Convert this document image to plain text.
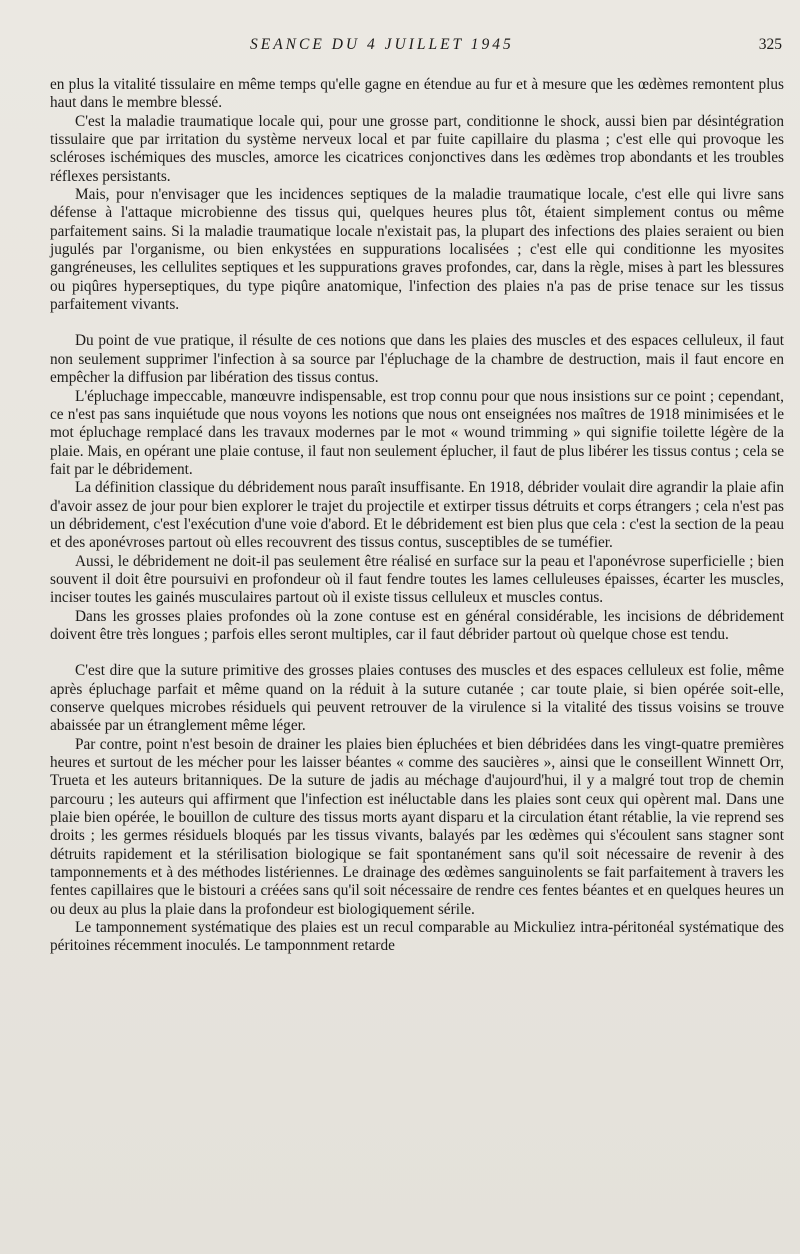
SEANCE DU 4 JUILLET 1945	325

en plus la vitalité tissulaire en même temps qu'elle gagne en étendue au fur et à mesure que les œdèmes remontent plus haut dans le membre blessé.

C'est la maladie traumatique locale qui, pour une grosse part, conditionne le shock, aussi bien par désintégration tissulaire que par irritation du système nerveux local et par fuite capillaire du plasma ; c'est elle qui provoque les scléroses ischémiques des muscles, amorce les cicatrices conjonctives dans les œdèmes trop abondants et les troubles réflexes persistants.

Mais, pour n'envisager que les incidences septiques de la maladie traumatique locale, c'est elle qui livre sans défense à l'attaque microbienne des tissus qui, quelques heures plus tôt, étaient simplement contus ou même parfaitement sains. Si la maladie traumatique locale n'existait pas, la plupart des infections des plaies seraient ou bien jugulés par l'organisme, ou bien enkystées en suppurations localisées ; c'est elle qui conditionne les myosites gangréneuses, les cellulites septiques et les suppurations graves profondes, car, dans la règle, mises à part les blessures ou piqûres hyperseptiques, du type piqûre anatomique, l'infection des plaies n'a pas de prise tenace sur les tissus parfaitement vivants.

Du point de vue pratique, il résulte de ces notions que dans les plaies des muscles et des espaces celluleux, il faut non seulement supprimer l'infection à sa source par l'épluchage de la chambre de destruction, mais il faut encore en empêcher la diffusion par libération des tissus contus.

L'épluchage impeccable, manœuvre indispensable, est trop connu pour que nous insistions sur ce point ; cependant, ce n'est pas sans inquiétude que nous voyons les notions que nous ont enseignées nos maîtres de 1918 minimisées et le mot épluchage remplacé dans les travaux modernes par le mot « wound trimming » qui signifie toilette légère de la plaie. Mais, en opérant une plaie contuse, il faut non seulement éplucher, il faut de plus libérer les tissus contus ; cela se fait par le débridement.

La définition classique du débridement nous paraît insuffisante. En 1918, débrider voulait dire agrandir la plaie afin d'avoir assez de jour pour bien explorer le trajet du projectile et extirper tissus détruits et corps étrangers ; cela n'est pas un débridement, c'est l'exécution d'une voie d'abord. Et le débridement est bien plus que cela : c'est la section de la peau et des aponévroses partout où elles recouvrent des tissus contus, susceptibles de se tuméfier.

Aussi, le débridement ne doit-il pas seulement être réalisé en surface sur la peau et l'aponévrose superficielle ; bien souvent il doit être poursuivi en profondeur où il faut fendre toutes les lames celluleuses épaisses, écarter les muscles, inciser toutes les gainés musculaires partout où il existe tissus celluleux et muscles contus.

Dans les grosses plaies profondes où la zone contuse est en général considérable, les incisions de débridement doivent être très longues ; parfois elles seront multiples, car il faut débrider partout où quelque chose est tendu.

C'est dire que la suture primitive des grosses plaies contuses des muscles et des espaces celluleux est folie, même après épluchage parfait et même quand on la réduit à la suture cutanée ; car toute plaie, si bien opérée soit-elle, conserve quelques microbes résiduels qui peuvent retrouver de la virulence si la vitalité des tissus voisins se trouve abaissée par un étranglement même léger.

Par contre, point n'est besoin de drainer les plaies bien épluchées et bien débridées dans les vingt-quatre premières heures et surtout de les mécher pour les laisser béantes « comme des saucières », ainsi que le conseillent Winnett Orr, Trueta et les auteurs britanniques. De la suture de jadis au méchage d'aujourd'hui, il y a malgré tout trop de chemin parcouru ; les auteurs qui affirment que l'infection est inéluctable dans les plaies sont ceux qui opèrent mal. Dans une plaie bien opérée, le bouillon de culture des tissus morts ayant disparu et la circulation étant rétablie, la vie reprend ses droits ; les germes résiduels bloqués par les tissus vivants, balayés par les œdèmes qui s'écoulent sans stagner sont détruits rapidement et la stérilisation biologique se fait spontanément sans qu'il soit nécessaire de revenir à des tamponnements et à des méthodes listériennes. Le drainage des œdèmes sanguinolents se fait parfaitement à travers les fentes capillaires que le bistouri a créées sans qu'il soit nécessaire de rendre ces fentes béantes et en quelques heures un ou deux au plus la plaie dans la profondeur est biologiquement sérile.

Le tamponnement systématique des plaies est un recul comparable au Mickuliez intra-péritonéal systématique des péritoines récemment inoculés. Le tamponnment retarde
